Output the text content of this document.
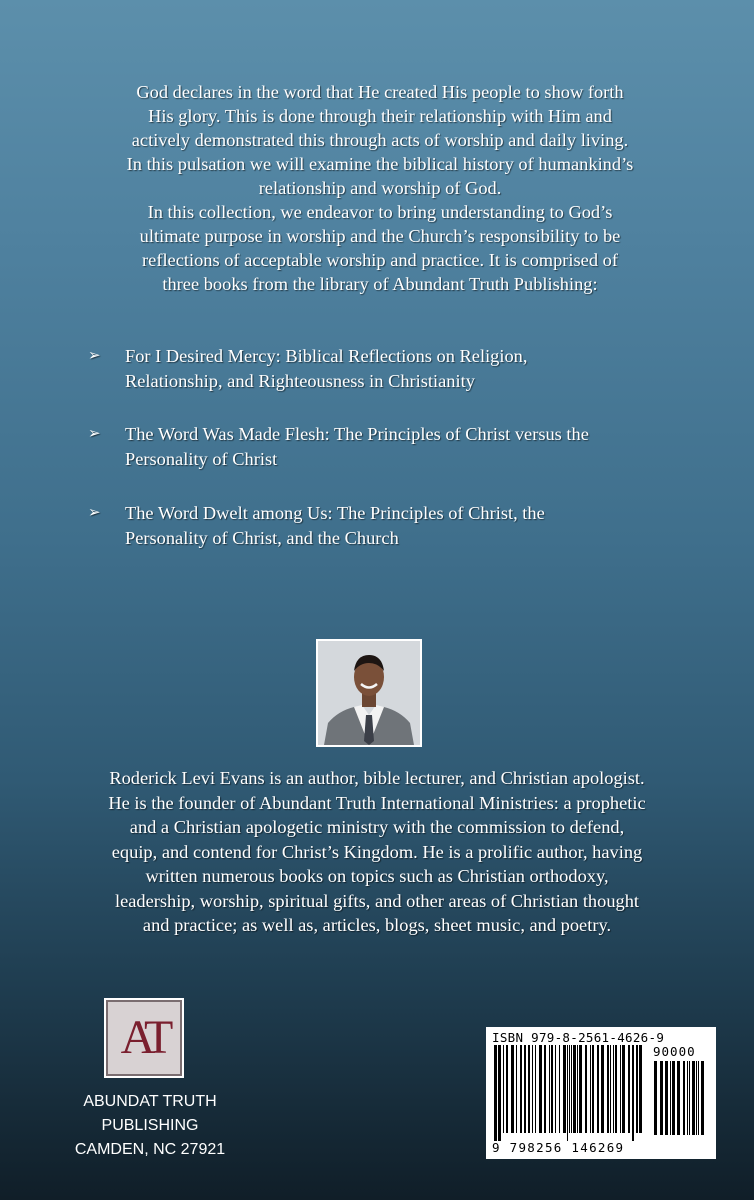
God declares in the word that He created His people to show forth

His glory. This is done through their relationship with Him and

actively demonstrated this through acts of worship and daily living.

In this pulsation we will examine the biblical history of humankind’s

relationship and worship of God.

In this collection, we endeavor to bring understanding to God’s

ultimate purpose in worship and the Church’s responsibility to be

reflections of acceptable worship and practice. It is comprised of

three books from the library of Abundant Truth Publishing:

➢	For I Desired Mercy: Biblical Reflections on Religion,
Relationship, and Righteousness in Christianity
➢	The Word Was Made Flesh: The Principles of Christ versus the
Personality of Christ
➢	The Word Dwelt among Us: The Principles of Christ, the
Personality of Christ, and the Church
Roderick Levi Evans is an author, bible lecturer, and Christian apologist.
He is the founder of Abundant Truth International Ministries: a prophetic
and a Christian apologetic ministry with the commission to defend,
equip, and contend for Christ’s Kingdom. He is a prolific author, having
written numerous books on topics such as Christian orthodoxy,
leadership, worship, spiritual gifts, and other areas of Christian thought
and practice; as well as, articles, blogs, sheet music, and poetry.
AT
ABUNDAT TRUTH
PUBLISHING
CAMDEN, NC 27921
ISBN 979-8-2561-4626-9
90000
9 798256 146269
